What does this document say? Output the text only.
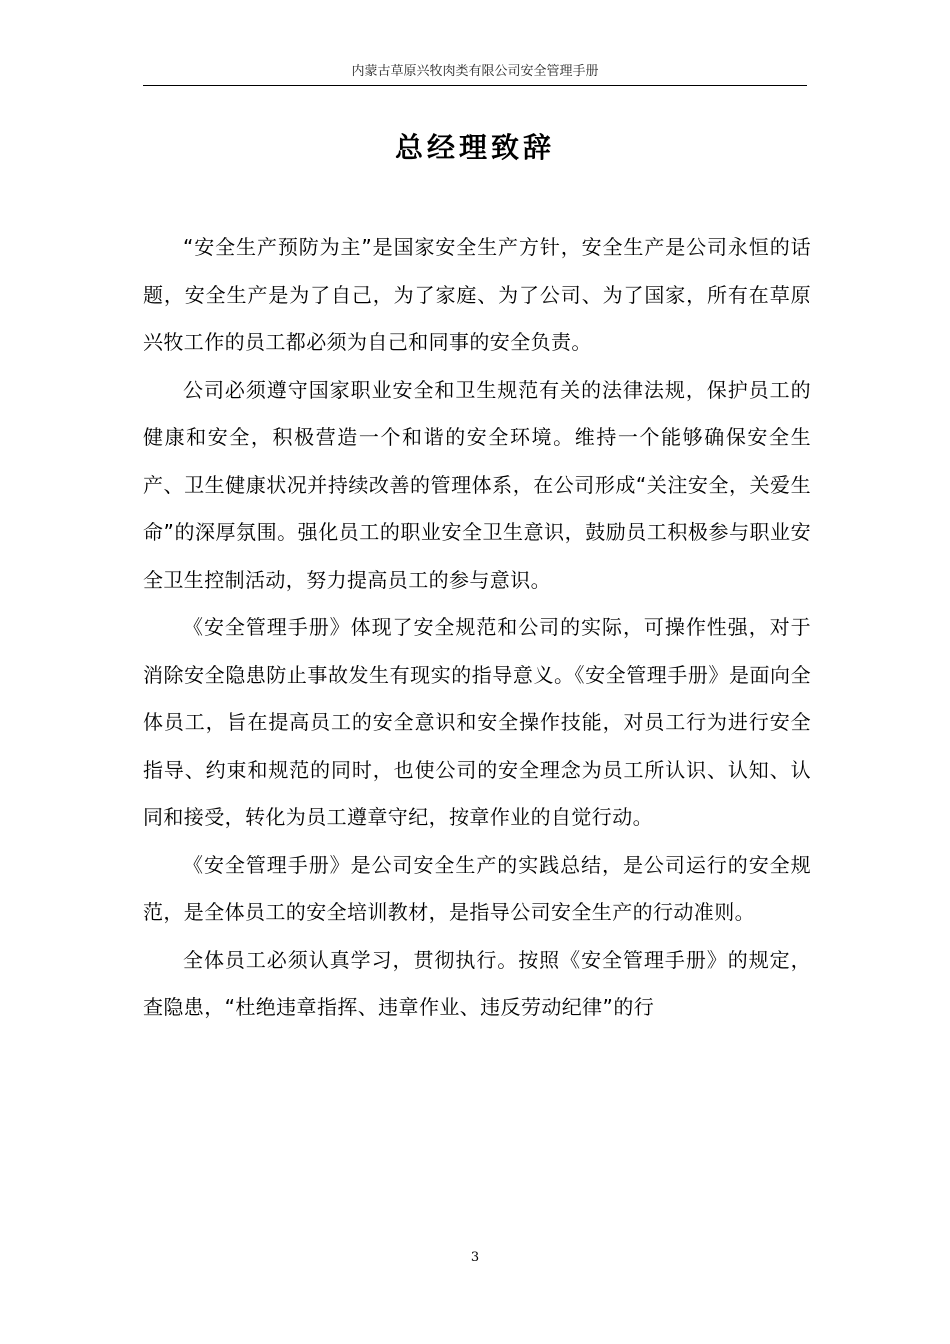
内蒙古草原兴牧肉类有限公司安全管理手册
总经理致辞

“安全生产预防为主”是国家安全生产方针，安全生产是公司永恒的话题，安全生产是为了自己，为了家庭、为了公司、为了国家，所有在草原兴牧工作的员工都必须为自己和同事的安全负责。

公司必须遵守国家职业安全和卫生规范有关的法律法规，保护员工的健康和安全，积极营造一个和谐的安全环境。维持一个能够确保安全生产、卫生健康状况并持续改善的管理体系，在公司形成“关注安全，关爱生命”的深厚氛围。强化员工的职业安全卫生意识，鼓励员工积极参与职业安全卫生控制活动，努力提高员工的参与意识。

《安全管理手册》体现了安全规范和公司的实际，可操作性强，对于消除安全隐患防止事故发生有现实的指导意义。《安全管理手册》是面向全体员工，旨在提高员工的安全意识和安全操作技能，对员工行为进行安全指导、约束和规范的同时，也使公司的安全理念为员工所认识、认知、认同和接受，转化为员工遵章守纪，按章作业的自觉行动。

《安全管理手册》是公司安全生产的实践总结，是公司运行的安全规范，是全体员工的安全培训教材，是指导公司安全生产的行动准则。

全体员工必须认真学习，贯彻执行。按照《安全管理手册》的规定，查隐患，“杜绝违章指挥、违章作业、违反劳动纪律”的行

3
